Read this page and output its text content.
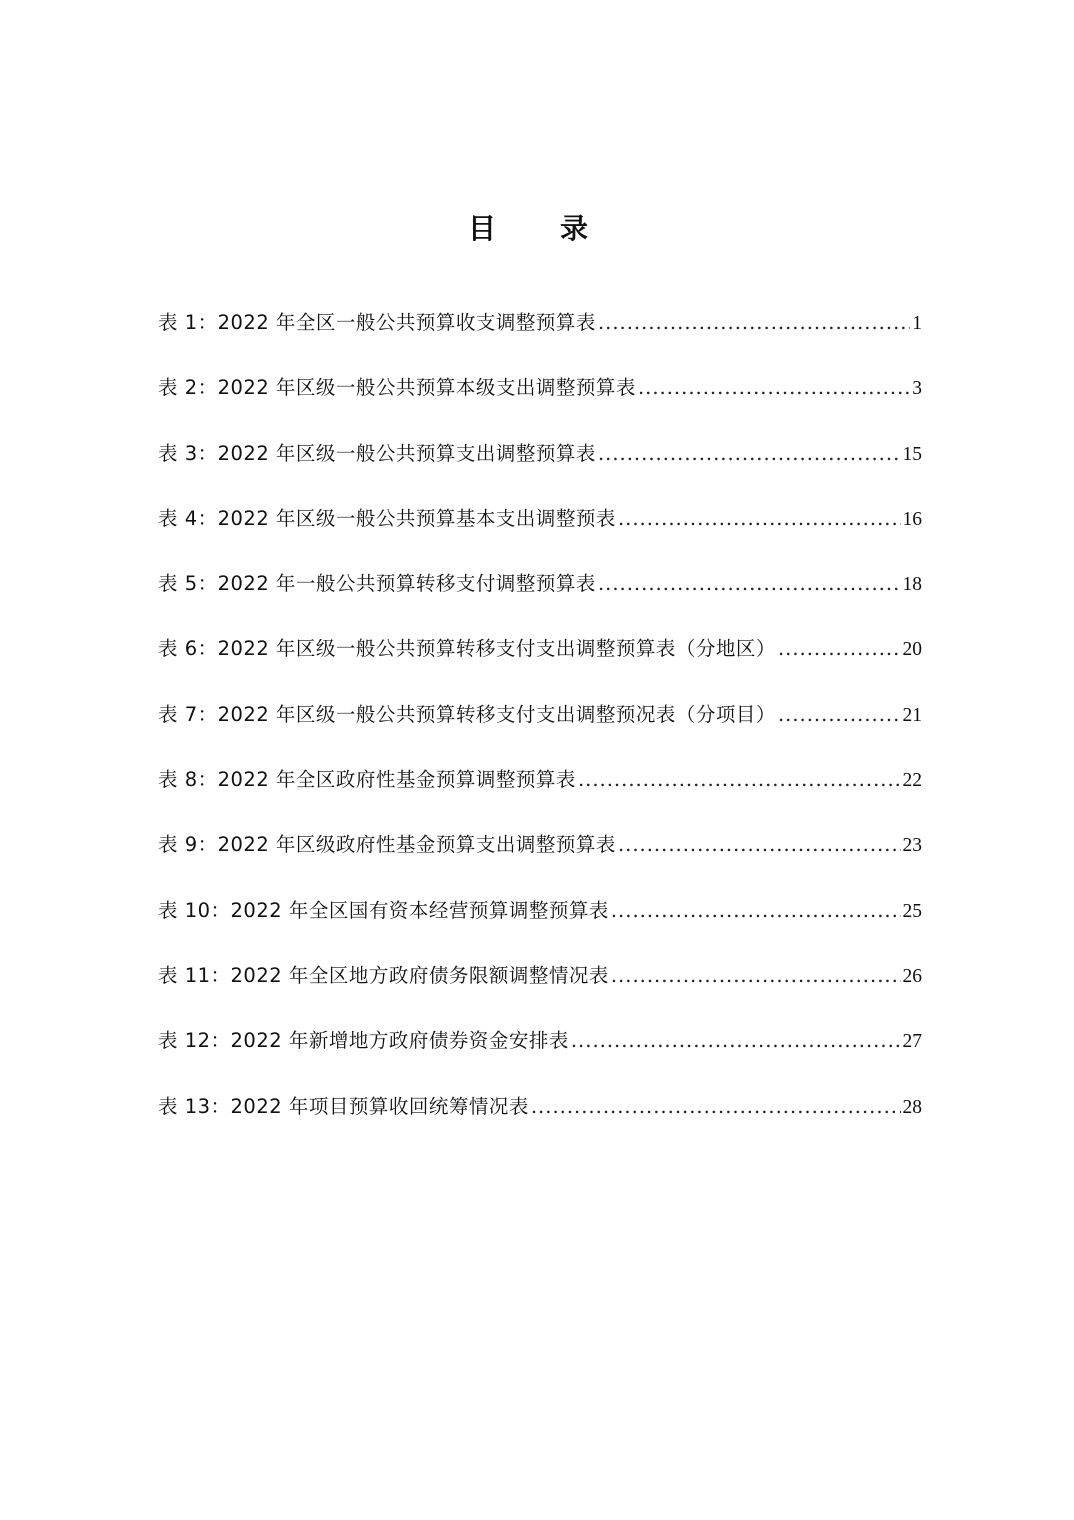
目　录
表 1：2022 年全区一般公共预算收支调整预算表 .....	1
表 2：2022 年区级一般公共预算本级支出调整预算表 .....	3
表 3：2022 年区级一般公共预算支出调整预算表 .....	15
表 4：2022 年区级一般公共预算基本支出调整预表 .....	16
表 5：2022 年一般公共预算转移支付调整预算表 .....	18
表 6：2022 年区级一般公共预算转移支付支出调整预算表（分地区） .....	20
表 7：2022 年区级一般公共预算转移支付支出调整预况表（分项目） .....	21
表 8：2022 年全区政府性基金预算调整预算表 .....	22
表 9：2022 年区级政府性基金预算支出调整预算表 .....	23
表 10：2022 年全区国有资本经营预算调整预算表 .....	25
表 11：2022 年全区地方政府债务限额调整情况表 .....	26
表 12：2022 年新增地方政府债券资金安排表 .....	27
表 13：2022 年项目预算收回统筹情况表 .....	28
